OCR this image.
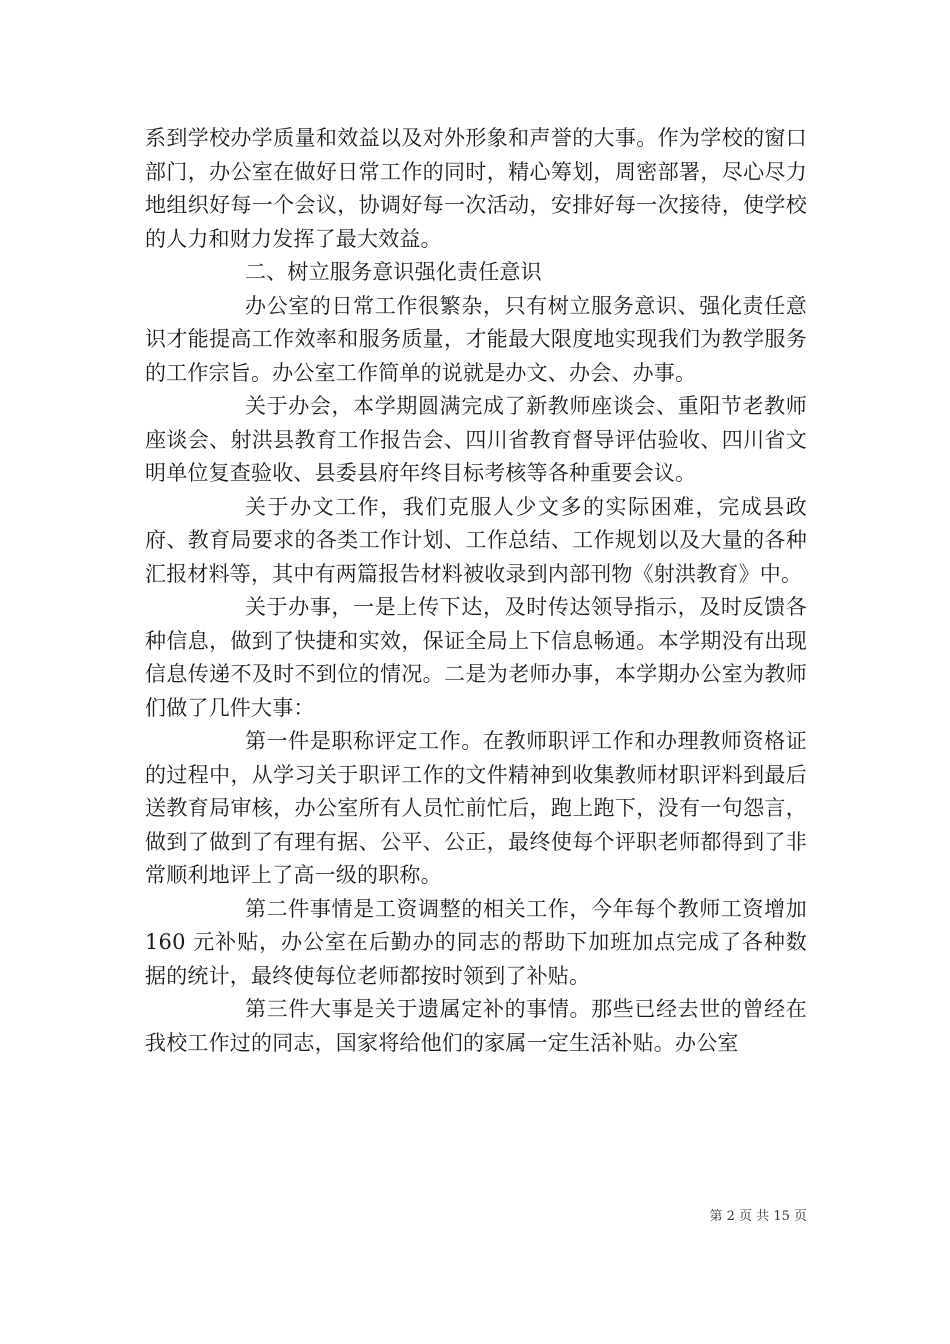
系到学校办学质量和效益以及对外形象和声誉的大事。作为学校的窗口部门，办公室在做好日常工作的同时，精心筹划，周密部署，尽心尽力地组织好每一个会议，协调好每一次活动，安排好每一次接待，使学校的人力和财力发挥了最大效益。

二、树立服务意识强化责任意识

办公室的日常工作很繁杂，只有树立服务意识、强化责任意识才能提高工作效率和服务质量，才能最大限度地实现我们为教学服务的工作宗旨。办公室工作简单的说就是办文、办会、办事。

关于办会，本学期圆满完成了新教师座谈会、重阳节老教师座谈会、射洪县教育工作报告会、四川省教育督导评估验收、四川省文明单位复查验收、县委县府年终目标考核等各种重要会议。

关于办文工作，我们克服人少文多的实际困难，完成县政府、教育局要求的各类工作计划、工作总结、工作规划以及大量的各种汇报材料等，其中有两篇报告材料被收录到内部刊物《射洪教育》中。

关于办事，一是上传下达，及时传达领导指示，及时反馈各种信息，做到了快捷和实效，保证全局上下信息畅通。本学期没有出现信息传递不及时不到位的情况。二是为老师办事，本学期办公室为教师们做了几件大事：

第一件是职称评定工作。在教师职评工作和办理教师资格证的过程中，从学习关于职评工作的文件精神到收集教师材职评料到最后送教育局审核，办公室所有人员忙前忙后，跑上跑下，没有一句怨言，做到了做到了有理有据、公平、公正，最终使每个评职老师都得到了非常顺利地评上了高一级的职称。

第二件事情是工资调整的相关工作，今年每个教师工资增加 160 元补贴，办公室在后勤办的同志的帮助下加班加点完成了各种数据的统计，最终使每位老师都按时领到了补贴。

第三件大事是关于遗属定补的事情。那些已经去世的曾经在我校工作过的同志，国家将给他们的家属一定生活补贴。办公室

第 2 页 共 15 页
